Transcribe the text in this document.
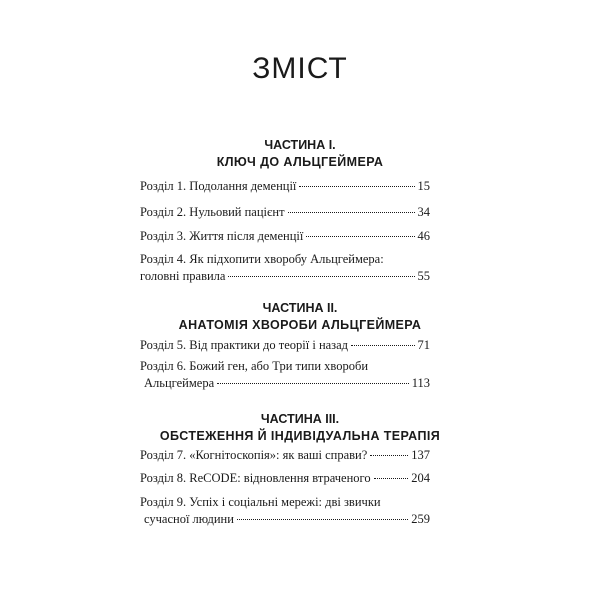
ЗМІСТ
ЧАСТИНА І.
КЛЮЧ ДО АЛЬЦГЕЙМЕРА
Розділ 1. Подолання деменції	15
Розділ 2. Нульовий пацієнт	34
Розділ 3. Життя після деменції	46
Розділ 4. Як підхопити хворобу Альцгеймера:
головні правила	55
ЧАСТИНА ІІ.
АНАТОМІЯ ХВОРОБИ АЛЬЦГЕЙМЕРА
Розділ 5. Від практики до теорії і назад	71
Розділ 6. Божий ген, або Три типи хвороби
Альцгеймера	113
ЧАСТИНА ІІІ.
ОБСТЕЖЕННЯ Й ІНДИВІДУАЛЬНА ТЕРАПІЯ
Розділ 7. «Когнітоскопія»: як ваші справи?	137
Розділ 8. ReCODE: відновлення втраченого	204
Розділ 9. Успіх і соціальні мережі: дві звички
сучасної людини	259
